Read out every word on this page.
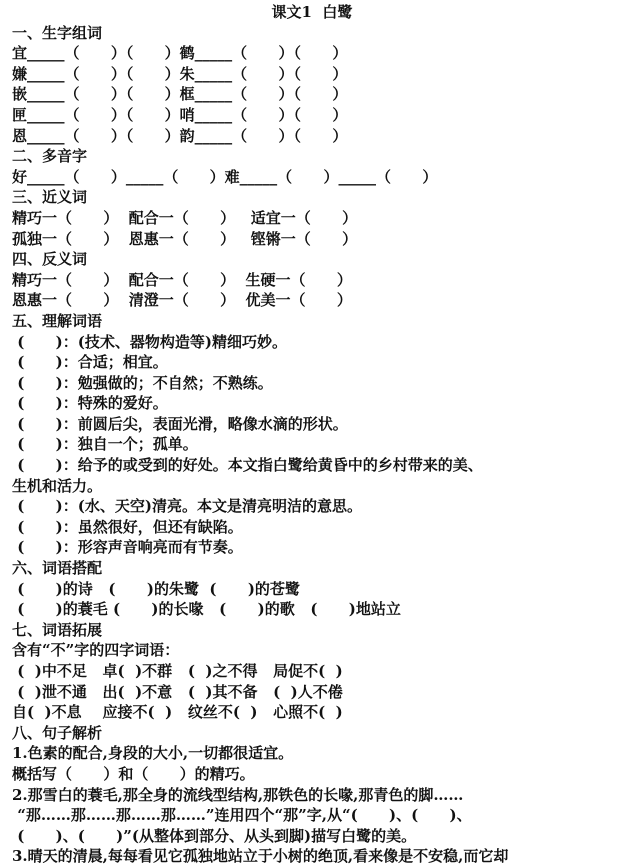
课文1  白鹭
一、生字组词
宜_____（      ）（      ）鹤_____（      ）（      ）
嫌_____（      ）（      ）朱_____（      ）（      ）
嵌_____（      ）（      ）框_____（      ）（      ）
匣_____（      ）（      ）哨_____（      ）（      ）
恩_____（      ）（      ）韵_____（      ）（      ）
二、多音字
好_____（      ）_____（      ）难_____（      ）_____（      ）
三、近义词
精巧一（      ）  配合一（      ）   适宜一（      ）
孤独一（      ）  恩惠一（      ）   铿锵一（      ）
四、反义词
精巧一（      ）  配合一（      ）  生硬一（      ）
恩惠一（      ）  清澄一（      ）  优美一（      ）
五、理解词语
(      )：(技术、器物构造等)精细巧妙。
(      )：合适；相宜。
(      )：勉强做的；不自然；不熟练。
(      )：特殊的爱好。
(      )：前圆后尖，表面光滑，略像水滴的形状。
(      )：独自一个；孤单。
(      )：给予的或受到的好处。本文指白鹭给黄昏中的乡村带来的美、
生机和活力。
(      )：(水、天空)清亮。本文是清亮明洁的意思。
(      )：虽然很好，但还有缺陷。
(      )：形容声音响亮而有节奏。
六、词语搭配
(      )的诗   (      )的朱鹭  (      )的苍鹭
(      )的蓑毛 (      )的长喙   (      )的歌   (      )地站立
七、词语拓展
含有“不”字的四字词语：
(  )中不足   卓(  )不群   (  )之不得   局促不(  )
(  )泄不通   出(  )不意   (  )其不备   (  )人不倦
自(  )不息    应接不(  )   纹丝不(  )   心照不(  )
八、句子解析
1.色素的配合,身段的大小,一切都很适宜。
概括写（      ）和（      ）的精巧。
2.那雪白的蓑毛,那全身的流线型结构,那铁色的长喙,那青色的脚……
“那……那……那……那……”连用四个“那”字,从“(      )、(      )、
(      )、(      )”(从整体到部分、从头到脚)描写白鹭的美。
3.晴天的清晨,每每看见它孤独地站立于小树的绝顶,看来像是不安稳,而它却
